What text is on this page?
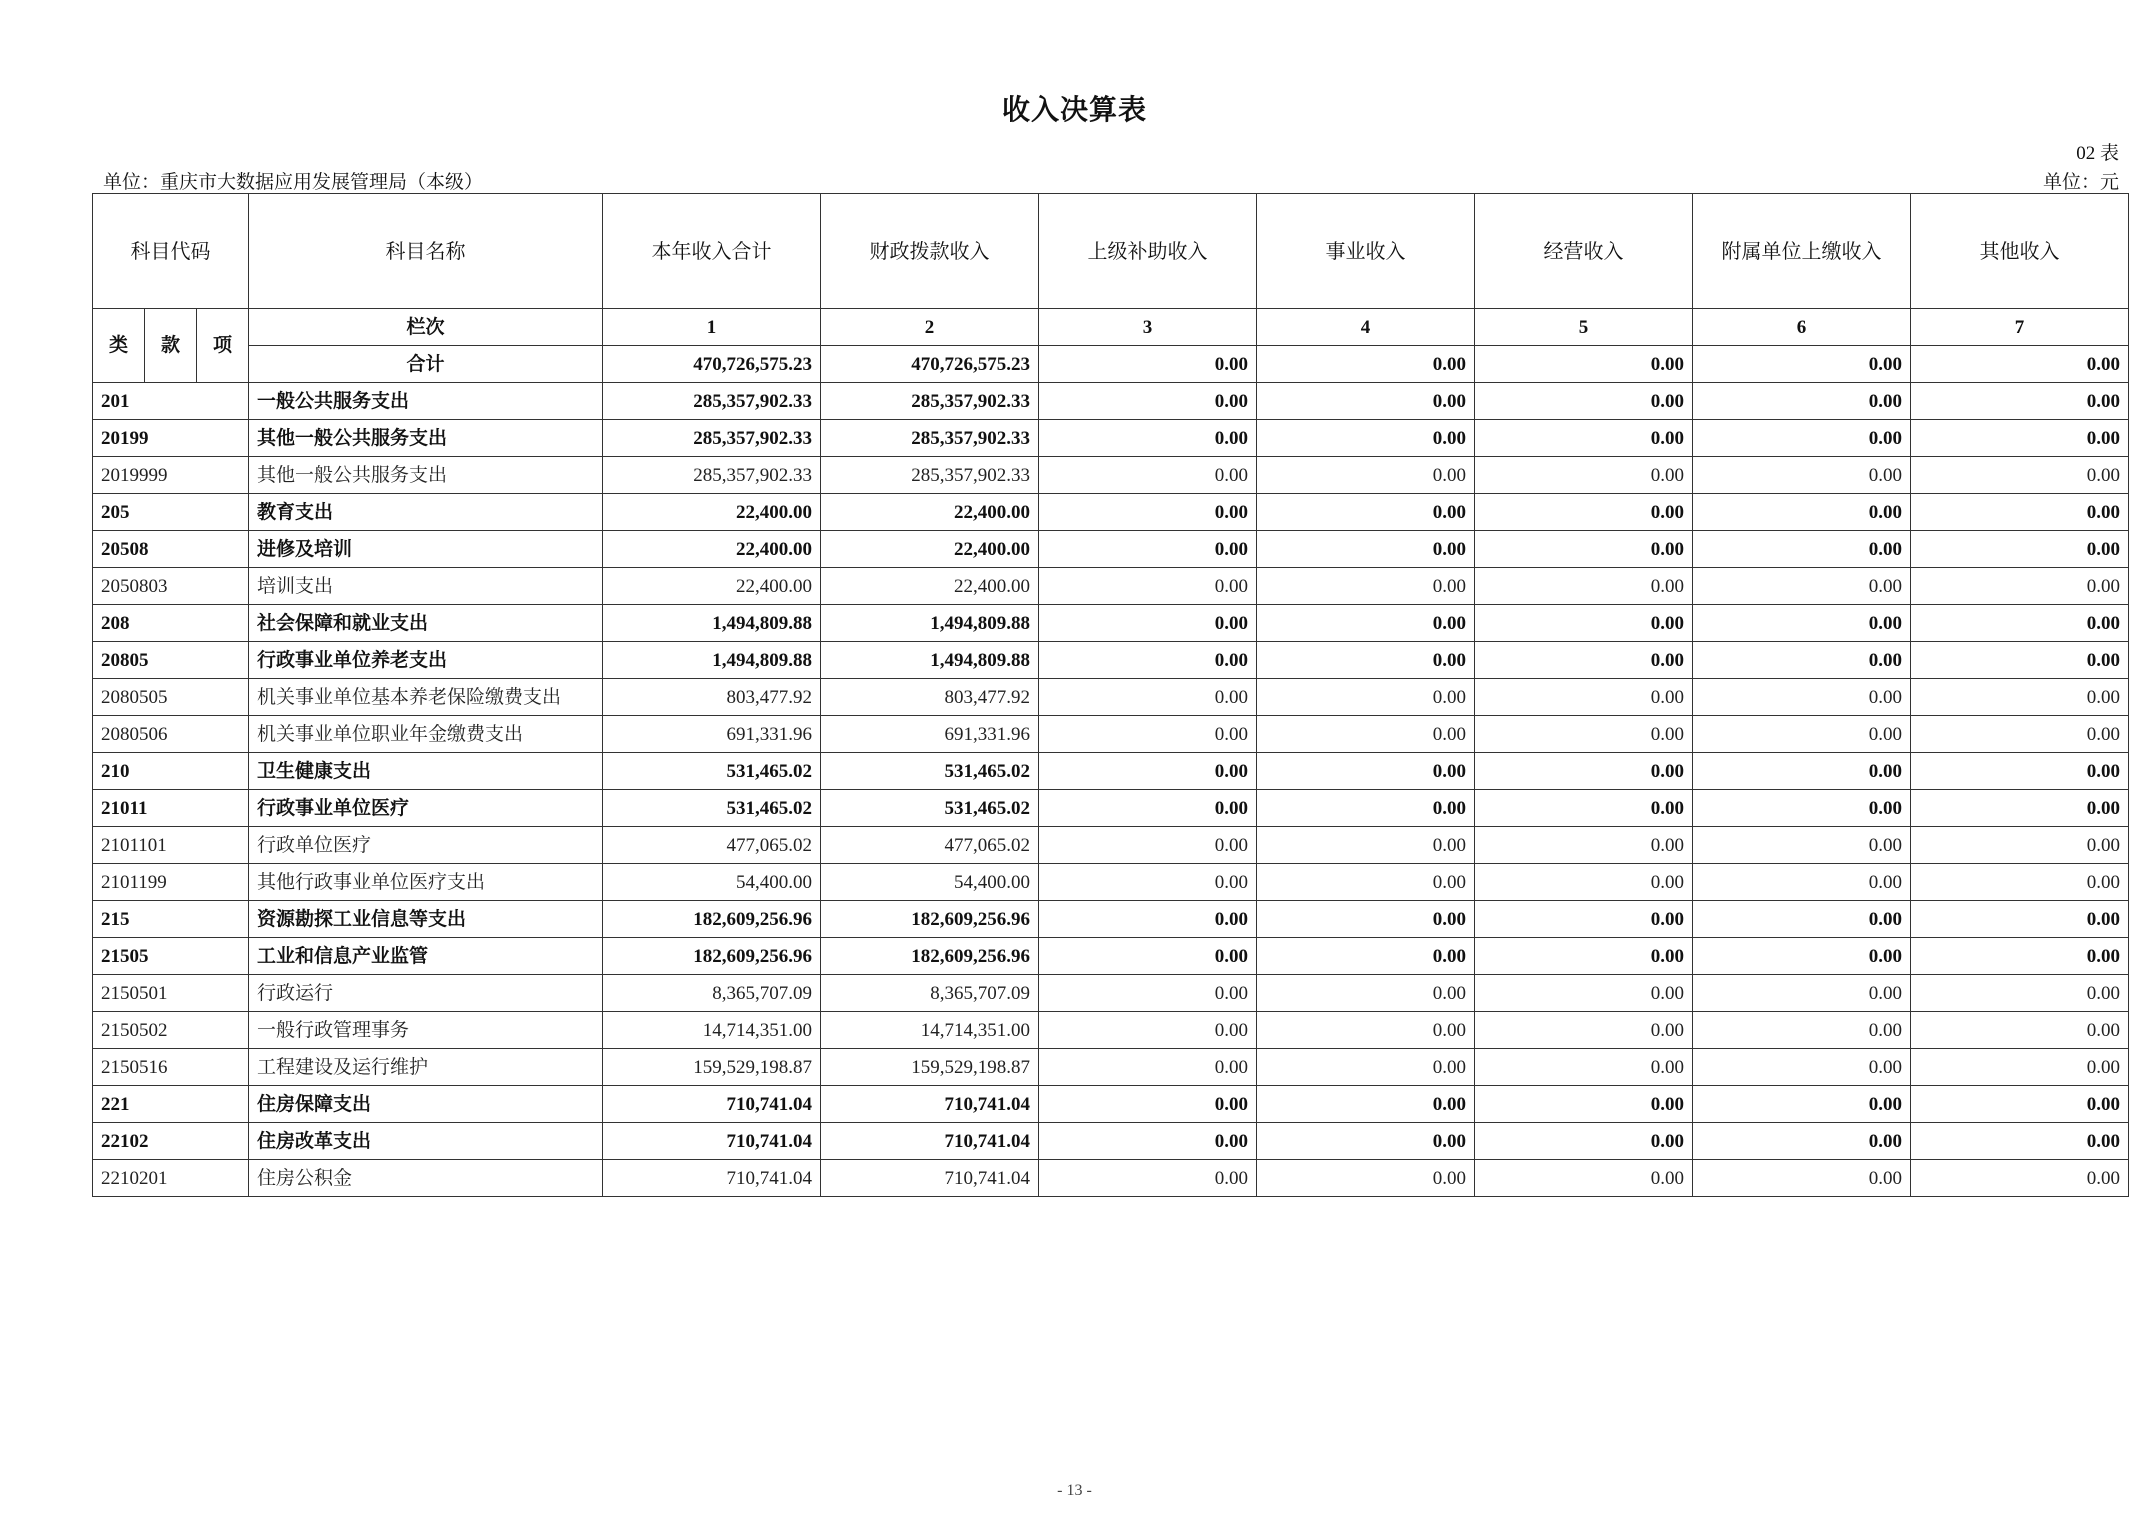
收入决算表
02 表
单位：重庆市大数据应用发展管理局（本级）	单位：元
科目代码			科目名称	本年收入合计	财政拨款收入	上级补助收入	事业收入	经营收入	附属单位上缴收入	其他收入
类	款	项	栏次	1	2	3	4	5	6	7
			合计	470,726,575.23	470,726,575.23	0.00	0.00	0.00	0.00	0.00
201			一般公共服务支出	285,357,902.33	285,357,902.33	0.00	0.00	0.00	0.00	0.00
20199			其他一般公共服务支出	285,357,902.33	285,357,902.33	0.00	0.00	0.00	0.00	0.00
2019999			其他一般公共服务支出	285,357,902.33	285,357,902.33	0.00	0.00	0.00	0.00	0.00
205			教育支出	22,400.00	22,400.00	0.00	0.00	0.00	0.00	0.00
20508			进修及培训	22,400.00	22,400.00	0.00	0.00	0.00	0.00	0.00
2050803			培训支出	22,400.00	22,400.00	0.00	0.00	0.00	0.00	0.00
208			社会保障和就业支出	1,494,809.88	1,494,809.88	0.00	0.00	0.00	0.00	0.00
20805			行政事业单位养老支出	1,494,809.88	1,494,809.88	0.00	0.00	0.00	0.00	0.00
2080505			机关事业单位基本养老保险缴费支出	803,477.92	803,477.92	0.00	0.00	0.00	0.00	0.00
2080506			机关事业单位职业年金缴费支出	691,331.96	691,331.96	0.00	0.00	0.00	0.00	0.00
210			卫生健康支出	531,465.02	531,465.02	0.00	0.00	0.00	0.00	0.00
21011			行政事业单位医疗	531,465.02	531,465.02	0.00	0.00	0.00	0.00	0.00
2101101			行政单位医疗	477,065.02	477,065.02	0.00	0.00	0.00	0.00	0.00
2101199			其他行政事业单位医疗支出	54,400.00	54,400.00	0.00	0.00	0.00	0.00	0.00
215			资源勘探工业信息等支出	182,609,256.96	182,609,256.96	0.00	0.00	0.00	0.00	0.00
21505			工业和信息产业监管	182,609,256.96	182,609,256.96	0.00	0.00	0.00	0.00	0.00
2150501			行政运行	8,365,707.09	8,365,707.09	0.00	0.00	0.00	0.00	0.00
2150502			一般行政管理事务	14,714,351.00	14,714,351.00	0.00	0.00	0.00	0.00	0.00
2150516			工程建设及运行维护	159,529,198.87	159,529,198.87	0.00	0.00	0.00	0.00	0.00
221			住房保障支出	710,741.04	710,741.04	0.00	0.00	0.00	0.00	0.00
22102			住房改革支出	710,741.04	710,741.04	0.00	0.00	0.00	0.00	0.00
2210201			住房公积金	710,741.04	710,741.04	0.00	0.00	0.00	0.00	0.00
- 13 -
